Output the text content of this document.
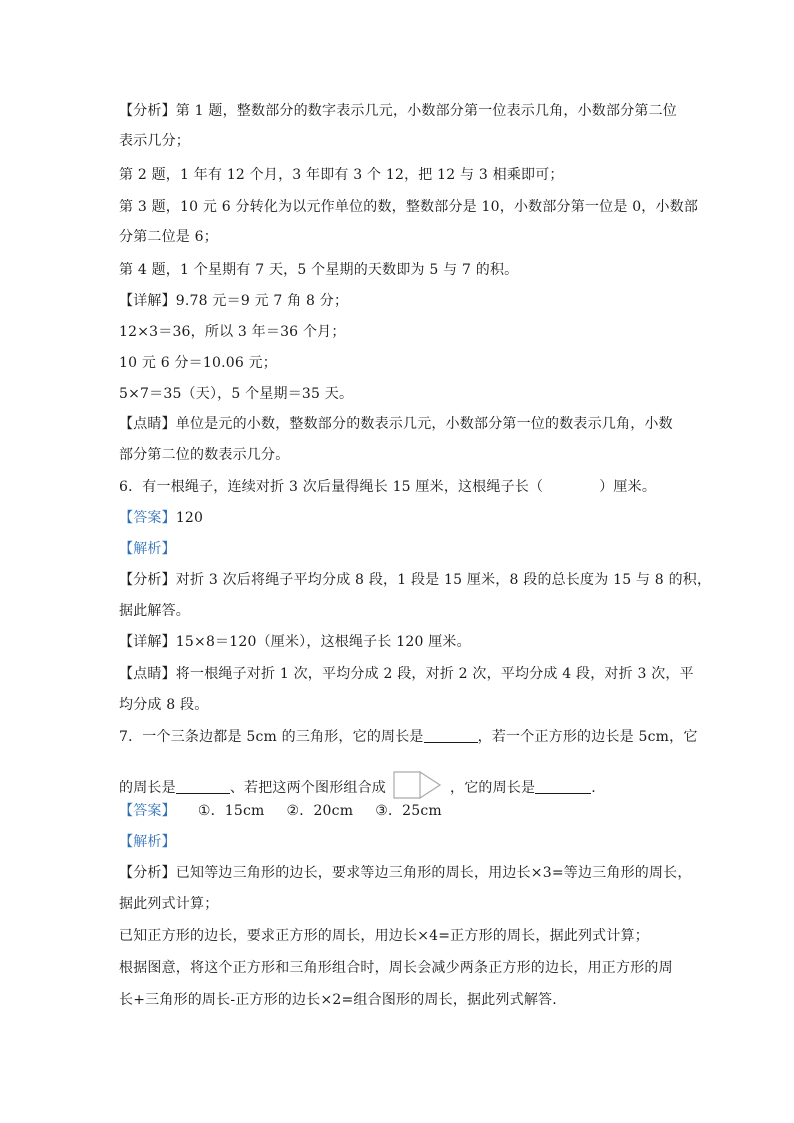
【分析】第 1 题，整数部分的数字表示几元，小数部分第一位表示几角，小数部分第二位
表示几分；
第 2 题，1 年有 12 个月，3 年即有 3 个 12，把 12 与 3 相乘即可；
第 3 题，10 元 6 分转化为以元作单位的数，整数部分是 10，小数部分第一位是 0，小数部
分第二位是 6；
第 4 题，1 个星期有 7 天，5 个星期的天数即为 5 与 7 的积。
【详解】9.78 元＝9 元 7 角 8 分；
12×3＝36，所以 3 年＝36 个月；
10 元 6 分＝10.06 元；
5×7＝35（天），5 个星期＝35 天。
【点睛】单位是元的小数，整数部分的数表示几元，小数部分第一位的数表示几角，小数
部分第二位的数表示几分。
6．有一根绳子，连续对折 3 次后量得绳长 15 厘米，这根绳子长（	）厘米。
【答案】120
【解析】
【分析】对折 3 次后将绳子平均分成 8 段，1 段是 15 厘米，8 段的总长度为 15 与 8 的积，
据此解答。
【详解】15×8＝120（厘米），这根绳子长 120 厘米。
【点睛】将一根绳子对折 1 次，平均分成 2 段，对折 2 次，平均分成 4 段，对折 3 次，平
均分成 8 段。
7．一个三条边都是 5cm 的三角形，它的周长是	，若一个正方形的边长是 5cm，它
的周长是	、若把这两个图形组合成	，它的周长是	.
【答案】 ①．15cm ②．20cm ③．25cm
【解析】
【分析】已知等边三角形的边长，要求等边三角形的周长，用边长×3=等边三角形的周长，
据此列式计算；
已知正方形的边长，要求正方形的周长，用边长×4=正方形的周长，据此列式计算；
根据图意，将这个正方形和三角形组合时，周长会减少两条正方形的边长，用正方形的周
长+三角形的周长-正方形的边长×2=组合图形的周长，据此列式解答.
